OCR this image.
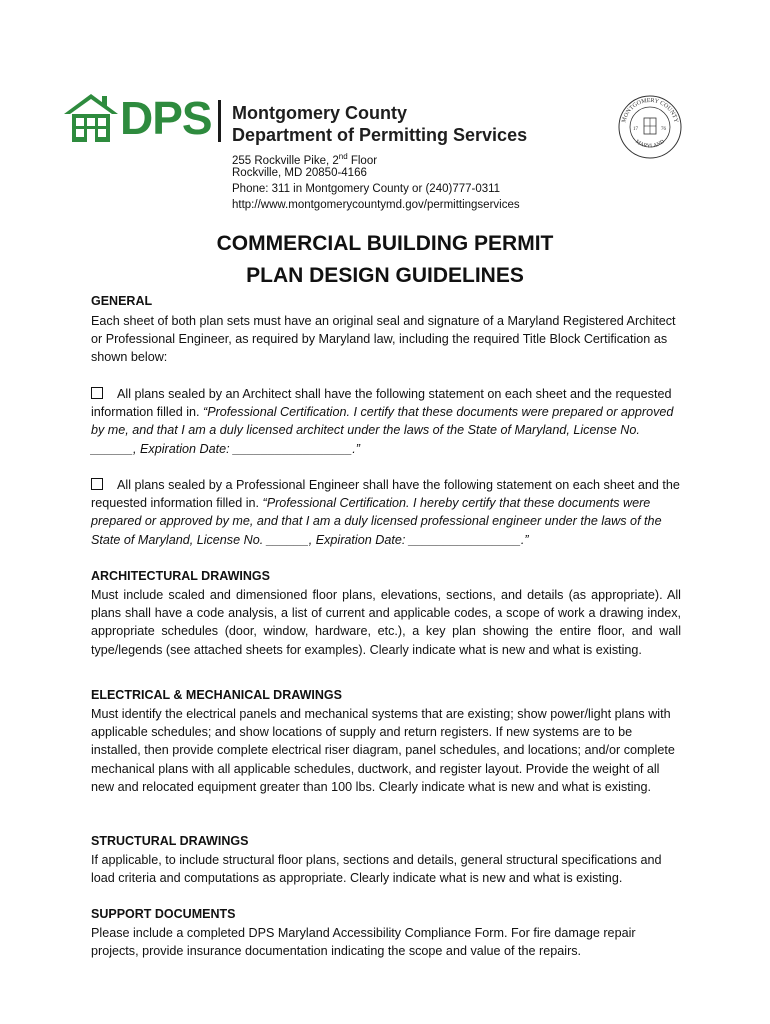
DPS Montgomery County
Department of Permitting Services
255 Rockville Pike, 2nd Floor
Rockville, MD 20850-4166
Phone: 311 in Montgomery County or (240)777-0311
http://www.montgomerycountymd.gov/permittingservices
MONTGOMERY COUNTY
MARYLAND
17	76
COMMERCIAL BUILDING PERMIT
PLAN DESIGN GUIDELINES
GENERAL
Each sheet of both plan sets must have an original seal and signature of a Maryland Registered Architect or Professional Engineer, as required by Maryland law, including the required Title Block Certification as shown below:
All plans sealed by an Architect shall have the following statement on each sheet and the requested information filled in. “Professional Certification. I certify that these documents were prepared or approved by me, and that I am a duly licensed architect under the laws of the State of Maryland, License No. ______, Expiration Date: _________________.”
All plans sealed by a Professional Engineer shall have the following statement on each sheet and the requested information filled in. “Professional Certification. I hereby certify that these documents were prepared or approved by me, and that I am a duly licensed professional engineer under the laws of the State of Maryland, License No. ______, Expiration Date: ________________.”
ARCHITECTURAL DRAWINGS
Must include scaled and dimensioned floor plans, elevations, sections, and details (as appropriate). All plans shall have a code analysis, a list of current and applicable codes, a scope of work a drawing index, appropriate schedules (door, window, hardware, etc.), a key plan showing the entire floor, and wall type/legends (see attached sheets for examples). Clearly indicate what is new and what is existing.
ELECTRICAL & MECHANICAL DRAWINGS
Must identify the electrical panels and mechanical systems that are existing; show power/light plans with applicable schedules; and show locations of supply and return registers. If new systems are to be installed, then provide complete electrical riser diagram, panel schedules, and locations; and/or complete mechanical plans with all applicable schedules, ductwork, and register layout. Provide the weight of all new and relocated equipment greater than 100 lbs. Clearly indicate what is new and what is existing.
STRUCTURAL DRAWINGS
If applicable, to include structural floor plans, sections and details, general structural specifications and load criteria and computations as appropriate. Clearly indicate what is new and what is existing.
SUPPORT DOCUMENTS
Please include a completed DPS Maryland Accessibility Compliance Form. For fire damage repair projects, provide insurance documentation indicating the scope and value of the repairs.
